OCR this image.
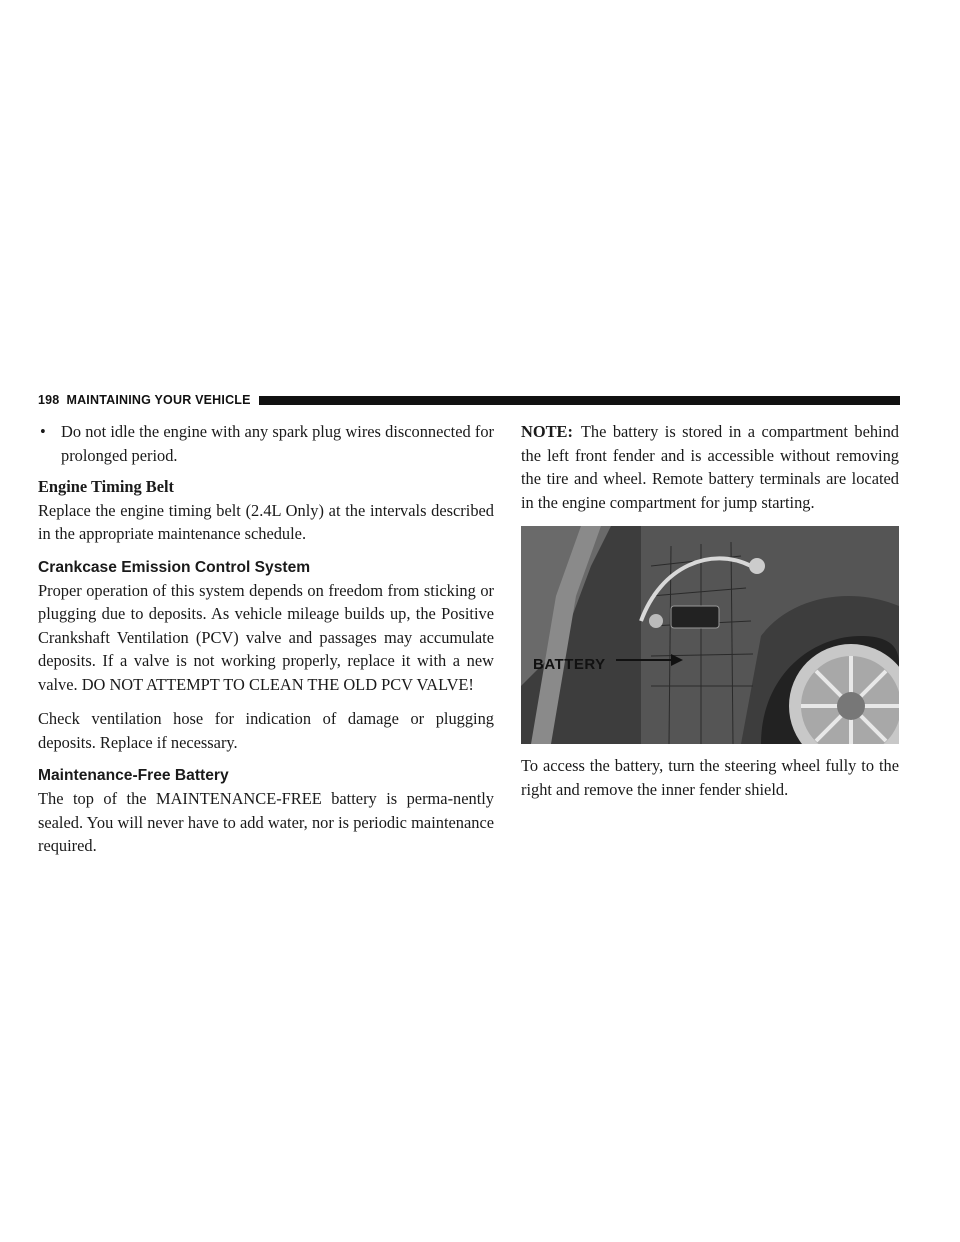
198 MAINTAINING YOUR VEHICLE
• Do not idle the engine with any spark plug wires disconnected for prolonged period.
Engine Timing Belt

Replace the engine timing belt (2.4L Only) at the intervals described in the appropriate maintenance schedule.

Crankcase Emission Control System

Proper operation of this system depends on freedom from sticking or plugging due to deposits. As vehicle mileage builds up, the Positive Crankshaft Ventilation (PCV) valve and passages may accumulate deposits. If a valve is not working properly, replace it with a new valve. DO NOT ATTEMPT TO CLEAN THE OLD PCV VALVE!

Check ventilation hose for indication of damage or plugging deposits. Replace if necessary.

Maintenance-Free Battery

The top of the MAINTENANCE-FREE battery is perma-nently sealed. You will never have to add water, nor is periodic maintenance required.

NOTE: The battery is stored in a compartment behind the left front fender and is accessible without removing the tire and wheel. Remote battery terminals are located in the engine compartment for jump starting.

BATTERY

To access the battery, turn the steering wheel fully to the right and remove the inner fender shield.
